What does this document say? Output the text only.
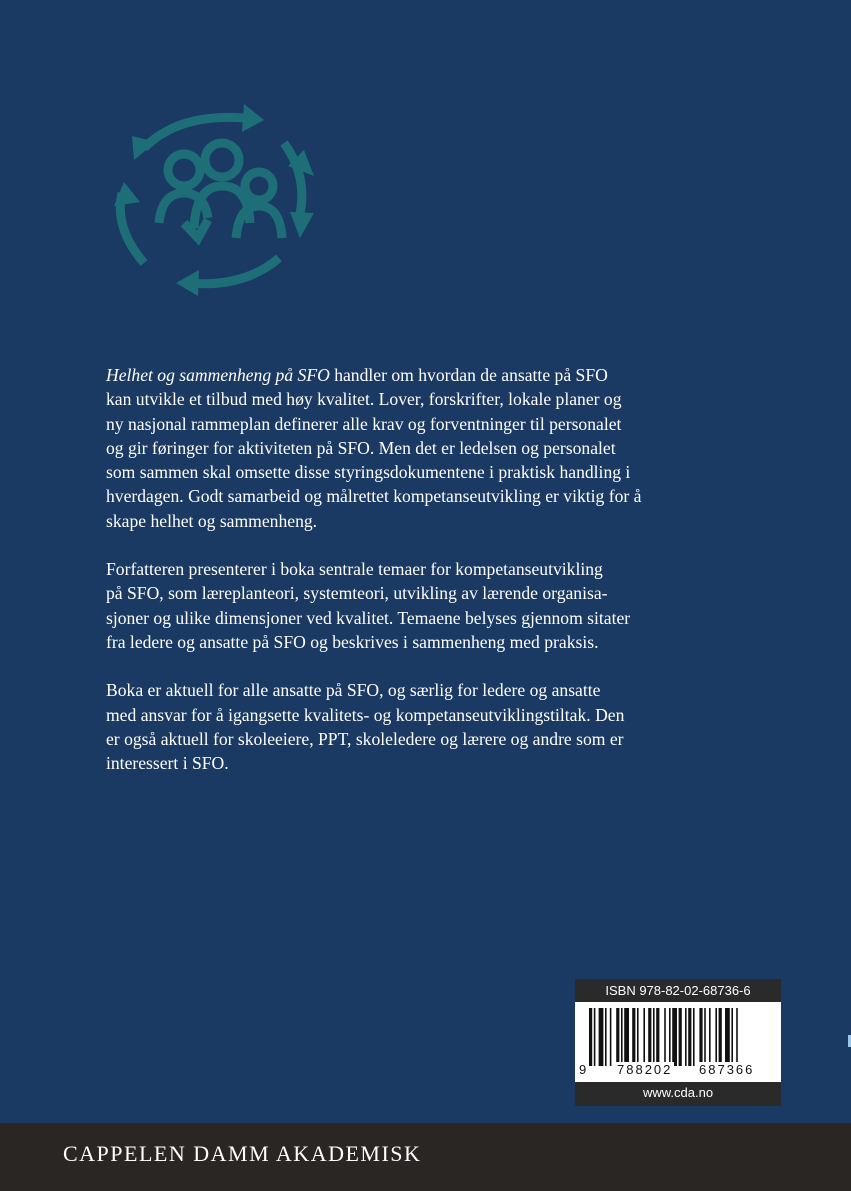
Helhet og sammenheng på SFO handler om hvordan de ansatte på SFO
kan utvikle et tilbud med høy kvalitet. Lover, forskrifter, lokale planer og
ny nasjonal rammeplan definerer alle krav og forventninger til personalet
og gir føringer for aktiviteten på SFO. Men det er ledelsen og personalet
som sammen skal omsette disse styringsdokumentene i praktisk handling i
hverdagen. Godt samarbeid og målrettet kompetanseutvikling er viktig for å
skape helhet og sammenheng.

Forfatteren presenterer i boka sentrale temaer for kompetanseutvikling
på SFO, som læreplanteori, systemteori, utvikling av lærende organisa-
sjoner og ulike dimensjoner ved kvalitet. Temaene belyses gjennom sitater
fra ledere og ansatte på SFO og beskrives i sammenheng med praksis.

Boka er aktuell for alle ansatte på SFO, og særlig for ledere og ansatte
med ansvar for å igangsette kvalitets- og kompetanseutviklingstiltak. Den
er også aktuell for skoleeiere, PPT, skoleledere og lærere og andre som er
interessert i SFO.

ISBN 978-82-02-68736-6
9 788202 687366
www.cda.no
CAPPELEN DAMM AKADEMISK
